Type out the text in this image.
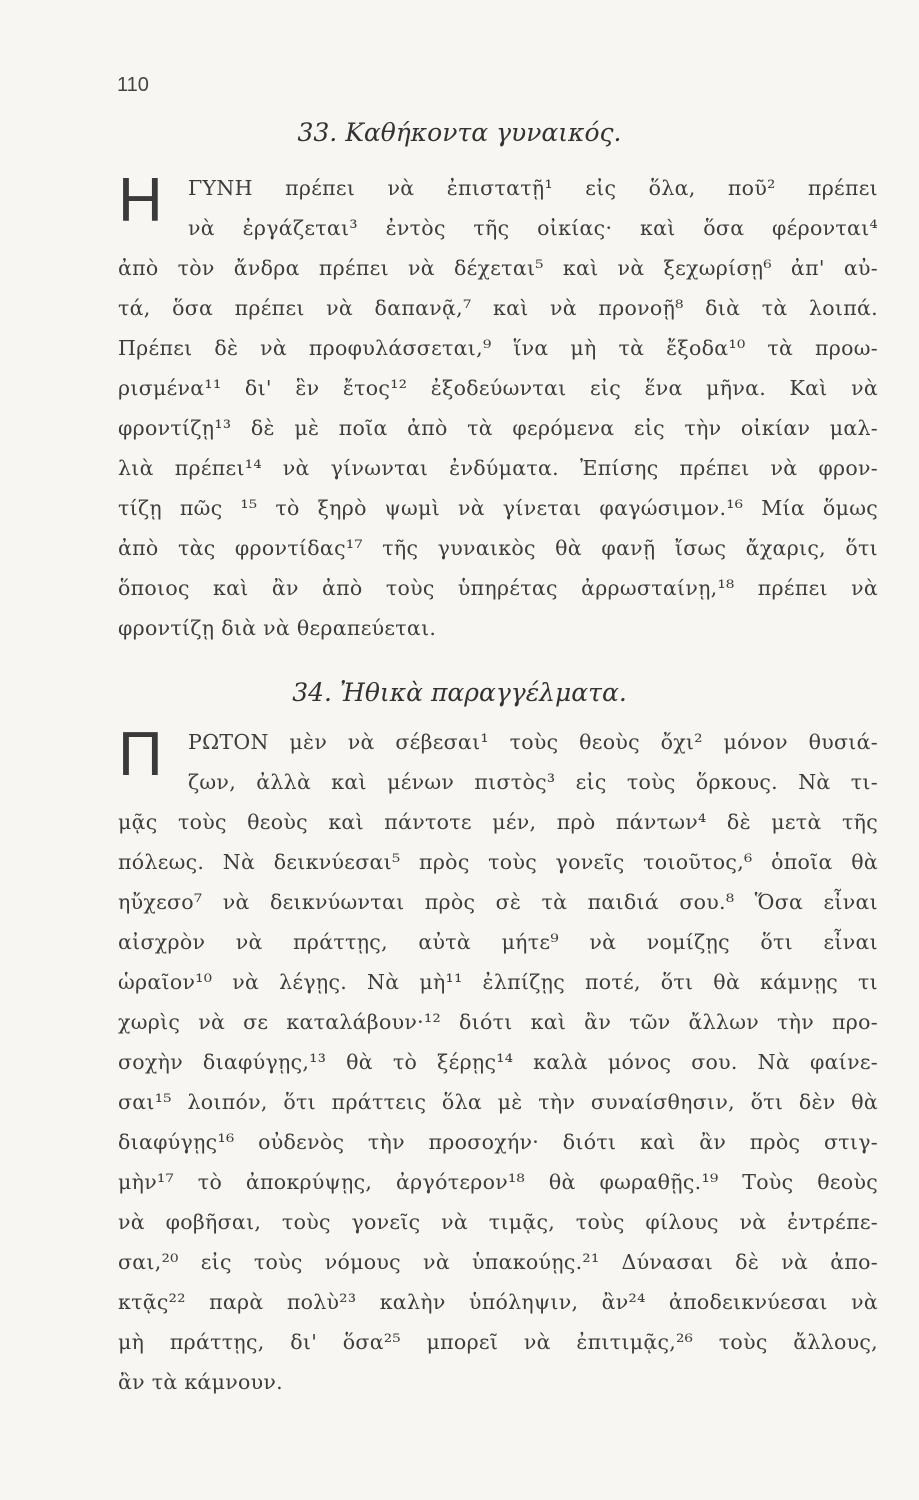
110
33. Καθήκοντα γυναικός.
Η ΓΥΝΗ πρέπει νὰ ἐπιστατῇ¹ εἰς ὅλα, ποῦ² πρέπει
νὰ ἐργάζεται³ ἐντὸς τῆς οἰκίας· καὶ ὅσα φέρονται⁴
ἀπὸ τὸν ἄνδρα πρέπει νὰ δέχεται⁵ καὶ νὰ ξεχωρίσῃ⁶ ἀπ' αὐ-
τά, ὅσα πρέπει νὰ δαπανᾷ,⁷ καὶ νὰ προνοῇ⁸ διὰ τὰ λοιπά.
Πρέπει δὲ νὰ προφυλάσσεται,⁹ ἵνα μὴ τὰ ἔξοδα¹⁰ τὰ προω-
ρισμένα¹¹ δι' ἓν ἔτος¹² ἐξοδεύωνται εἰς ἕνα μῆνα. Καὶ νὰ
φροντίζῃ¹³ δὲ μὲ ποῖα ἀπὸ τὰ φερόμενα εἰς τὴν οἰκίαν μαλ-
λιὰ πρέπει¹⁴ νὰ γίνωνται ἐνδύματα. Ἐπίσης πρέπει νὰ φρον-
τίζῃ πῶς ¹⁵ τὸ ξηρὸ ψωμὶ νὰ γίνεται φαγώσιμον.¹⁶ Μία ὅμως
ἀπὸ τὰς φροντίδας¹⁷ τῆς γυναικὸς θὰ φανῇ ἴσως ἄχαρις, ὅτι
ὅποιος καὶ ἂν ἀπὸ τοὺς ὑπηρέτας ἀρρωσταίνῃ,¹⁸ πρέπει νὰ
φροντίζῃ διὰ νὰ θεραπεύεται.
34. Ἠθικὰ παραγγέλματα.
Π ΡΩΤΟΝ μὲν νὰ σέβεσαι¹ τοὺς θεοὺς ὄχι² μόνον θυσιά-
ζων, ἀλλὰ καὶ μένων πιστὸς³ εἰς τοὺς ὅρκους. Νὰ τι-
μᾷς τοὺς θεοὺς καὶ πάντοτε μέν, πρὸ πάντων⁴ δὲ μετὰ τῆς
πόλεως. Νὰ δεικνύεσαι⁵ πρὸς τοὺς γονεῖς τοιοῦτος,⁶ ὁποῖα θὰ
ηὔχεσο⁷ νὰ δεικνύωνται πρὸς σὲ τὰ παιδιά σου.⁸ Ὅσα εἶναι
αἰσχρὸν νὰ πράττῃς, αὐτὰ μήτε⁹ νὰ νομίζῃς ὅτι εἶναι
ὡραῖον¹⁰ νὰ λέγῃς. Νὰ μὴ¹¹ ἐλπίζῃς ποτέ, ὅτι θὰ κάμνῃς τι
χωρὶς νὰ σε καταλάβουν·¹² διότι καὶ ἂν τῶν ἄλλων τὴν προ-
σοχὴν διαφύγῃς,¹³ θὰ τὸ ξέρῃς¹⁴ καλὰ μόνος σου. Νὰ φαίνε-
σαι¹⁵ λοιπόν, ὅτι πράττεις ὅλα μὲ τὴν συναίσθησιν, ὅτι δὲν θὰ
διαφύγῃς¹⁶ οὐδενὸς τὴν προσοχήν· διότι καὶ ἂν πρὸς στιγ-
μὴν¹⁷ τὸ ἀποκρύψῃς, ἀργότερον¹⁸ θὰ φωραθῇς.¹⁹ Τοὺς θεοὺς
νὰ φοβῆσαι, τοὺς γονεῖς νὰ τιμᾷς, τοὺς φίλους νὰ ἐντρέπε-
σαι,²⁰ εἰς τοὺς νόμους νὰ ὑπακούῃς.²¹ Δύνασαι δὲ νὰ ἀπο-
κτᾷς²² παρὰ πολὺ²³ καλὴν ὑπόληψιν, ἂν²⁴ ἀποδεικνύεσαι νὰ
μὴ πράττῃς, δι' ὅσα²⁵ μπορεῖ νὰ ἐπιτιμᾷς,²⁶ τοὺς ἄλλους,
ἂν τὰ κάμνουν.
